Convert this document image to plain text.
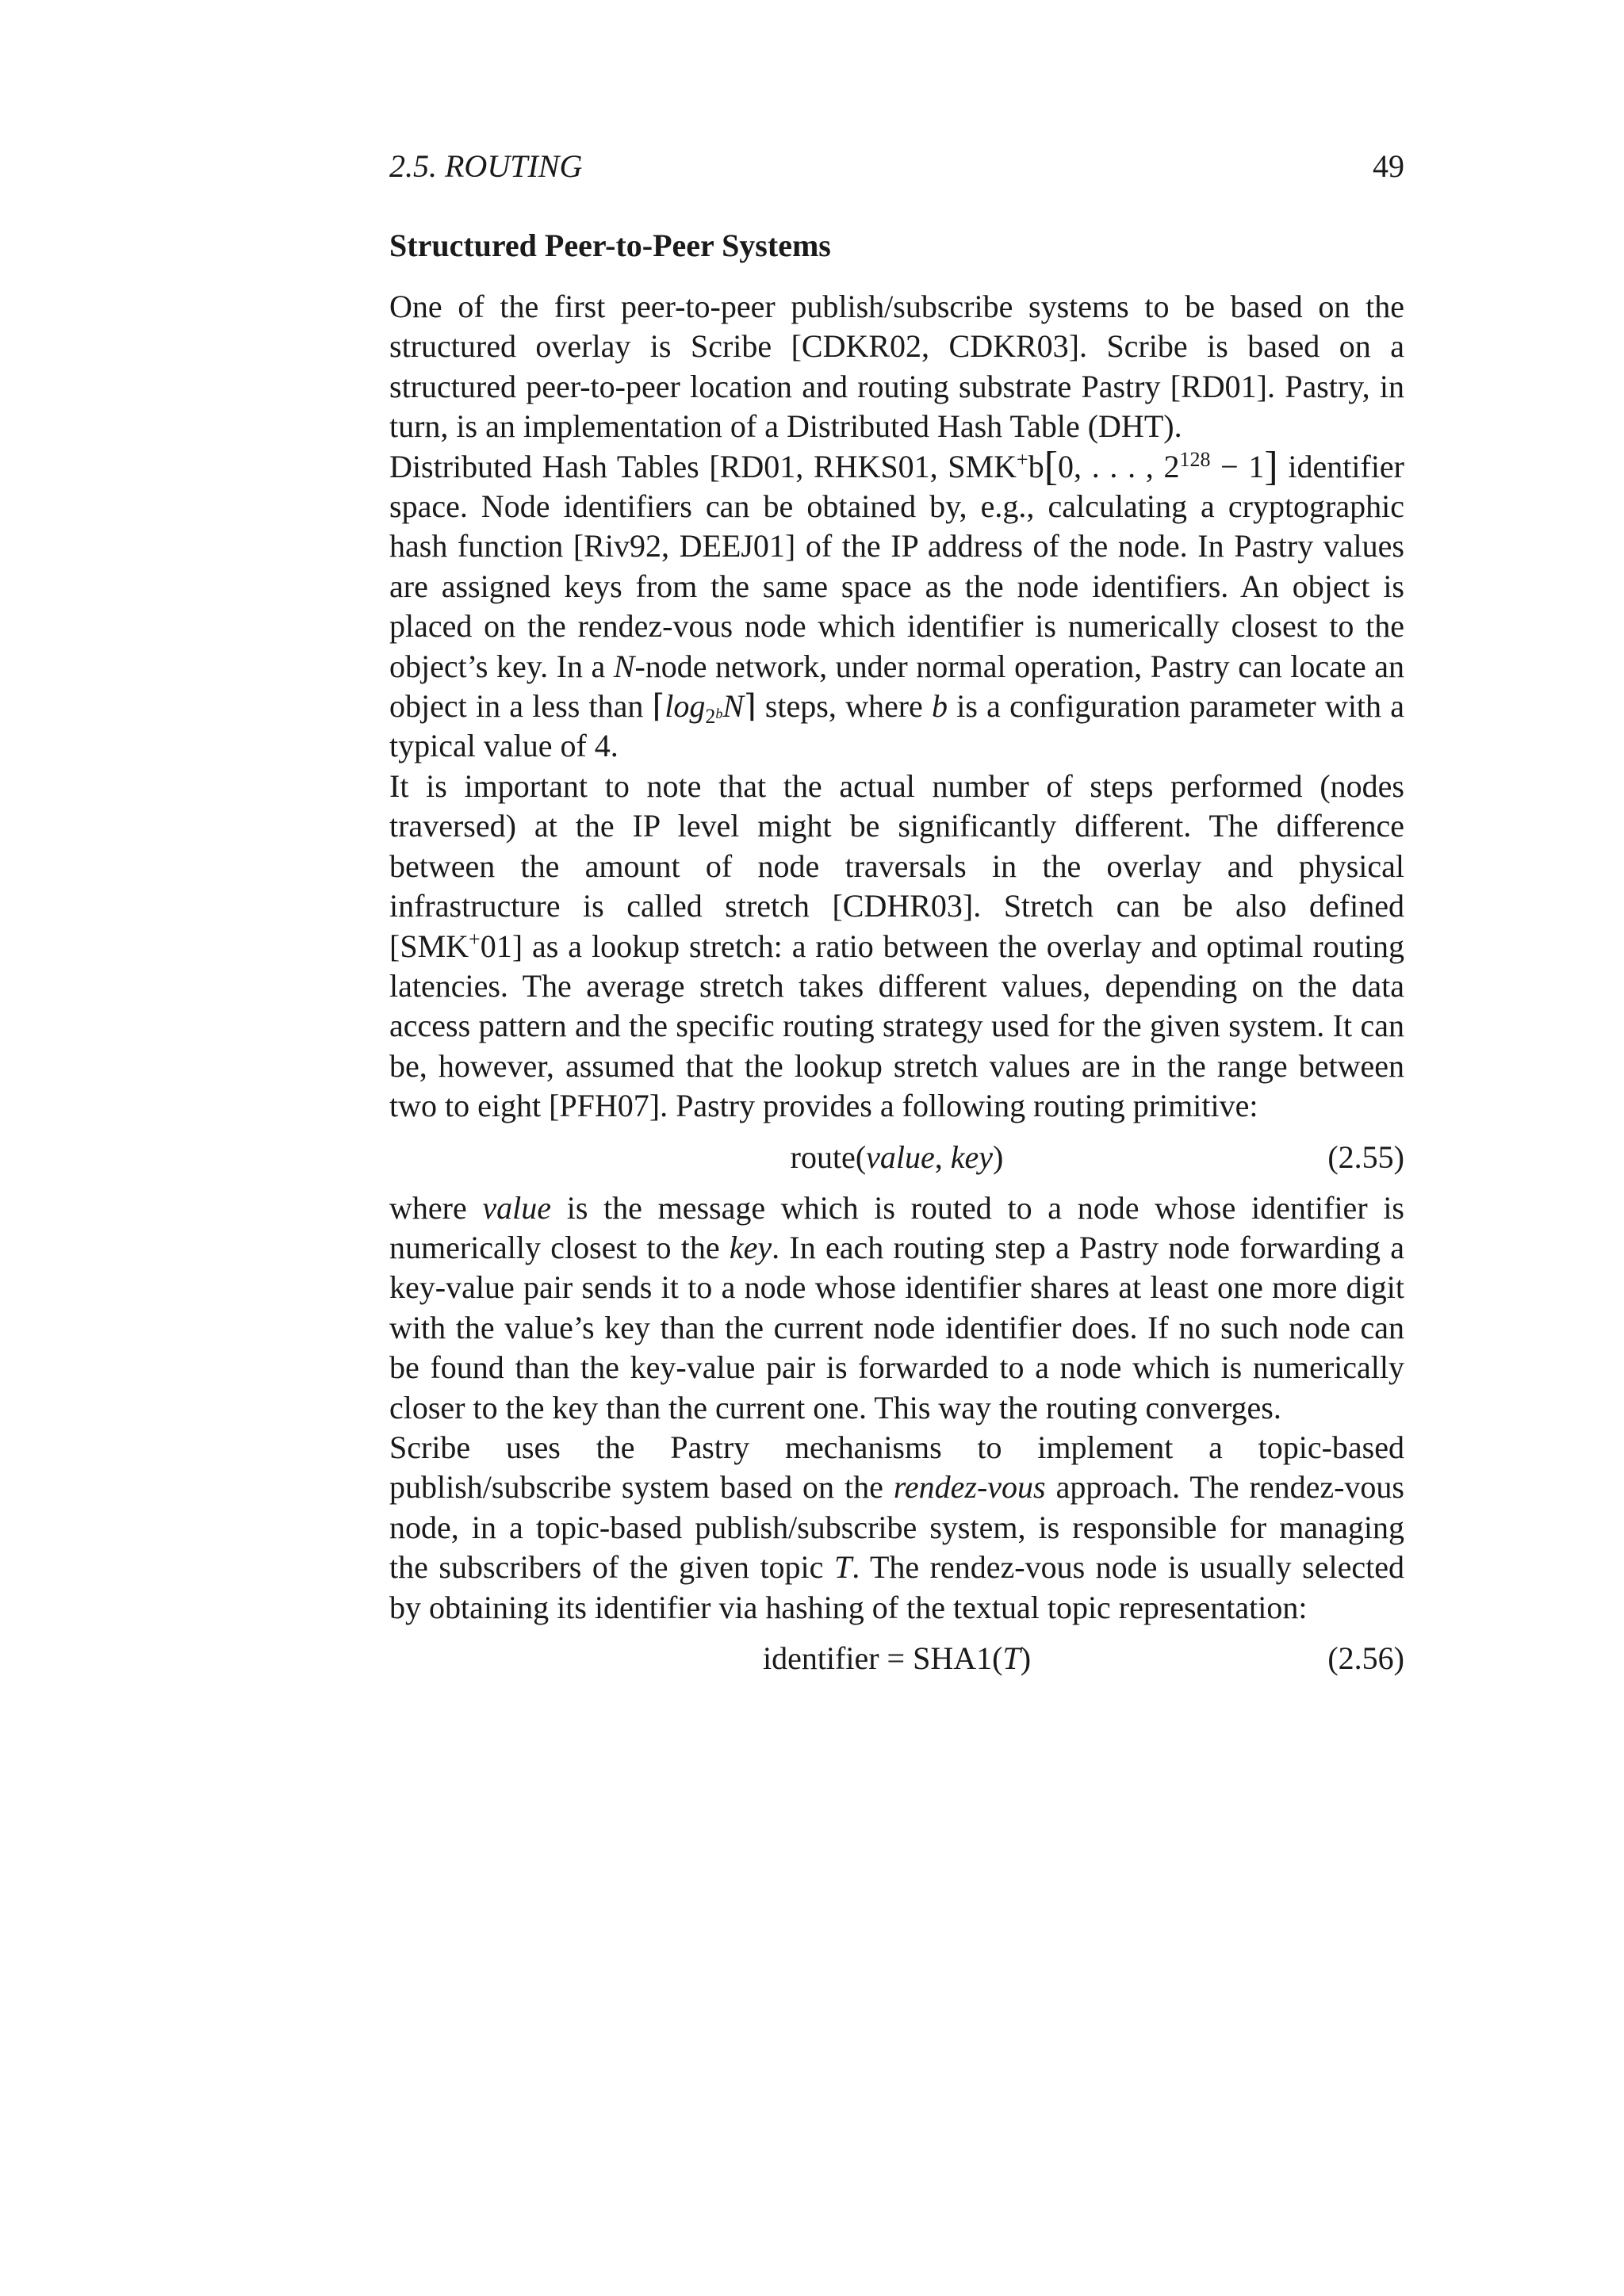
2.5. ROUTING	49
Structured Peer-to-Peer Systems

One of the first peer-to-peer publish/subscribe systems to be based on the structured overlay is Scribe [CDKR02, CDKR03]. Scribe is based on a structured peer-to-peer location and routing substrate Pastry [RD01]. Pastry, in turn, is an implementation of a Distributed Hash Table (DHT).

Distributed Hash Tables [RD01, RHKS01, SMK+b[0, . . . , $2^{128} - 1$] identifier space. Node identifiers can be obtained by, e.g., calculating a cryptographic hash function [Riv92, DEEJ01] of the IP address of the node. In Pastry values are assigned keys from the same space as the node identifiers. An object is placed on the rendez-vous node which identifier is numerically closest to the object’s key. In a N-node network, under normal operation, Pastry can locate an object in a less than $⌈\log_{2^b}N⌉$ steps, where b is a configuration parameter with a typical value of 4.

It is important to note that the actual number of steps performed (nodes traversed) at the IP level might be significantly different. The difference between the amount of node traversals in the overlay and physical infrastructure is called stretch [CDHR03]. Stretch can be also defined [SMK+01] as a lookup stretch: a ratio between the overlay and optimal routing latencies. The average stretch takes different values, depending on the data access pattern and the specific routing strategy used for the given system. It can be, however, assumed that the lookup stretch values are in the range between two to eight [PFH07]. Pastry provides a following routing primitive:

route(value, key)	(2.55)

where value is the message which is routed to a node whose identifier is numerically closest to the key. In each routing step a Pastry node forwarding a key-value pair sends it to a node whose identifier shares at least one more digit with the value’s key than the current node identifier does. If no such node can be found than the key-value pair is forwarded to a node which is numerically closer to the key than the current one. This way the routing converges.

Scribe uses the Pastry mechanisms to implement a topic-based publish/subscribe system based on the rendez-vous approach. The rendez-vous node, in a topic-based publish/subscribe system, is responsible for managing the subscribers of the given topic T. The rendez-vous node is usually selected by obtaining its identifier via hashing of the textual topic representation:

identifier = SHA1(T)	(2.56)
